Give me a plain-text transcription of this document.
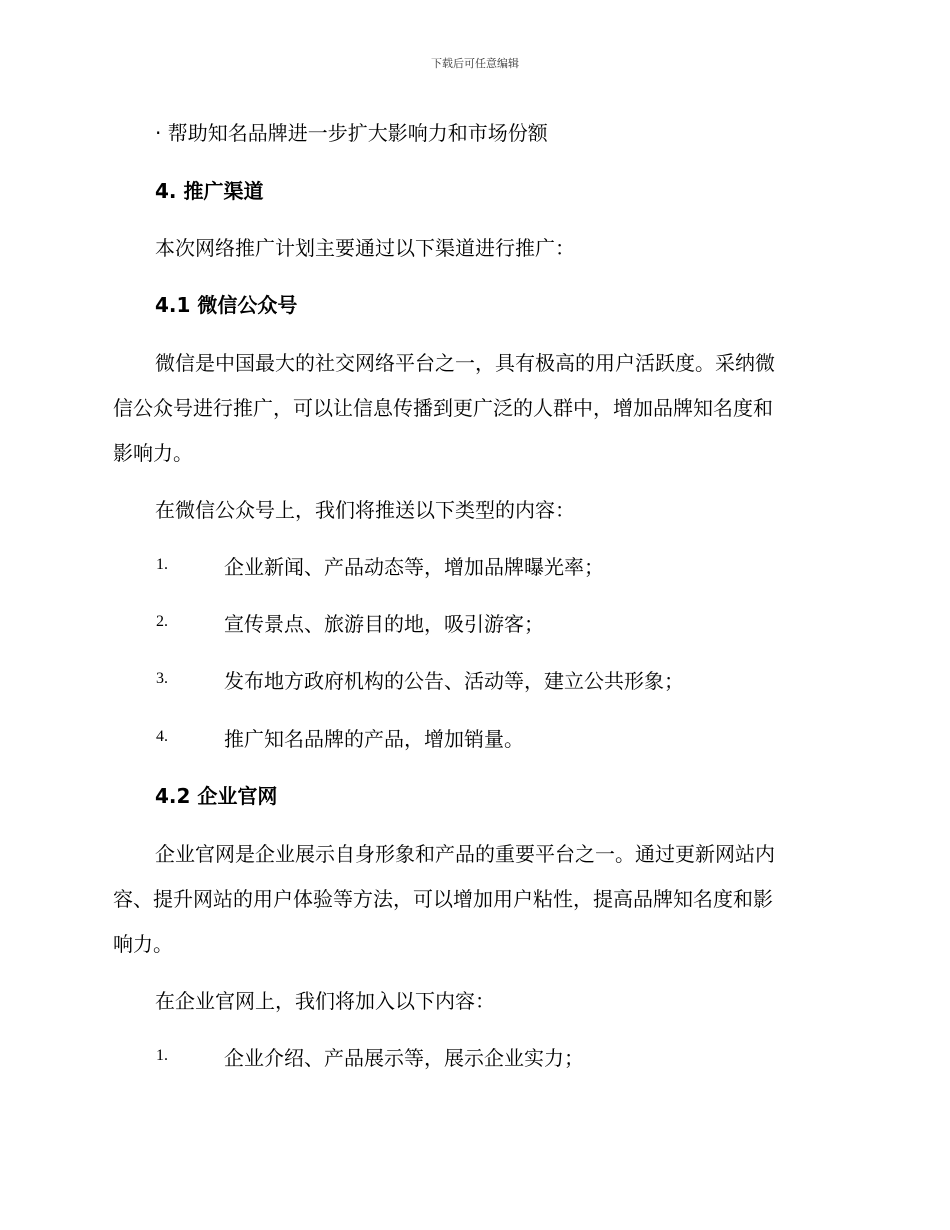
下载后可任意编辑
· 帮助知名品牌进一步扩大影响力和市场份额
4. 推广渠道
本次网络推广计划主要通过以下渠道进行推广：
4.1 微信公众号
微信是中国最大的社交网络平台之一，具有极高的用户活跃度。采纳微
信公众号进行推广，可以让信息传播到更广泛的人群中，增加品牌知名度和
影响力。
在微信公众号上，我们将推送以下类型的内容：
1.	企业新闻、产品动态等，增加品牌曝光率；
2.	宣传景点、旅游目的地，吸引游客；
3.	发布地方政府机构的公告、活动等，建立公共形象；
4.	推广知名品牌的产品，增加销量。
4.2 企业官网
企业官网是企业展示自身形象和产品的重要平台之一。通过更新网站内
容、提升网站的用户体验等方法，可以增加用户粘性，提高品牌知名度和影
响力。
在企业官网上，我们将加入以下内容：
1.	企业介绍、产品展示等，展示企业实力；
